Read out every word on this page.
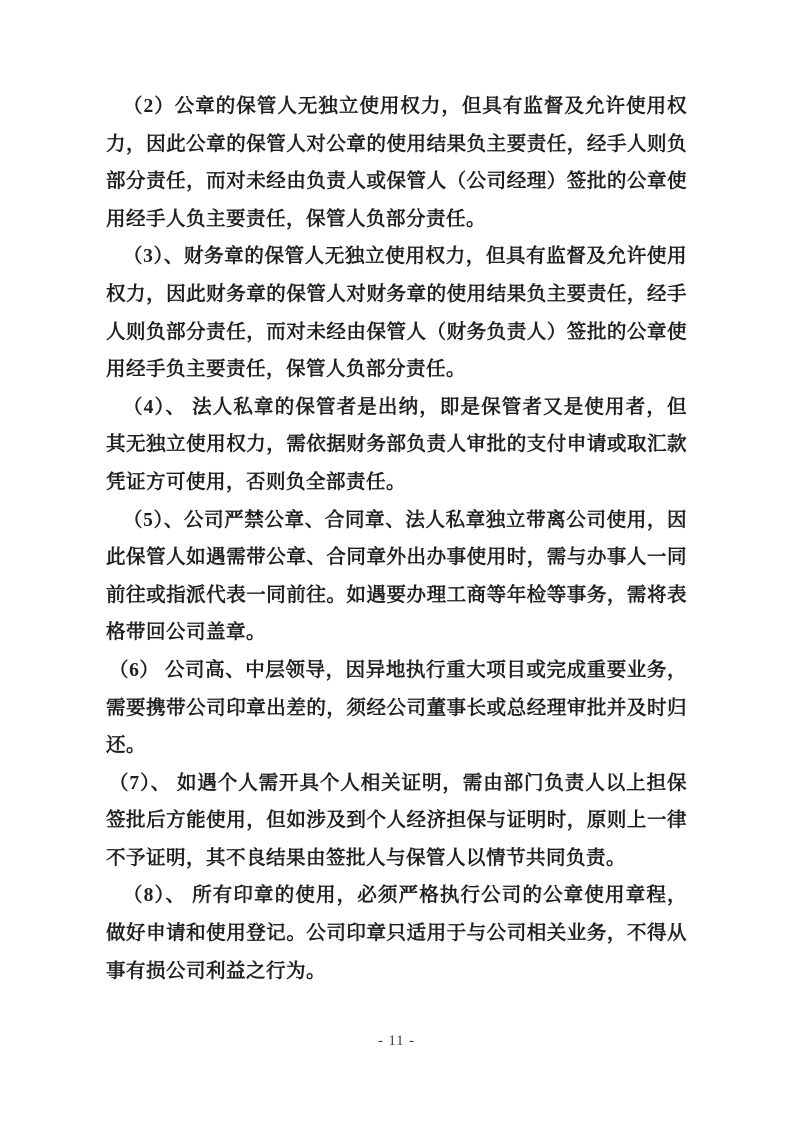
（2）公章的保管人无独立使用权力，但具有监督及允许使用权力，因此公章的保管人对公章的使用结果负主要责任，经手人则负部分责任，而对未经由负责人或保管人（公司经理）签批的公章使用经手人负主要责任，保管人负部分责任。

（3）、财务章的保管人无独立使用权力，但具有监督及允许使用权力，因此财务章的保管人对财务章的使用结果负主要责任，经手人则负部分责任，而对未经由保管人（财务负责人）签批的公章使用经手负主要责任，保管人负部分责任。

（4）、 法人私章的保管者是出纳，即是保管者又是使用者，但其无独立使用权力，需依据财务部负责人审批的支付申请或取汇款凭证方可使用，否则负全部责任。

（5）、公司严禁公章、合同章、法人私章独立带离公司使用，因此保管人如遇需带公章、合同章外出办事使用时，需与办事人一同前往或指派代表一同前往。如遇要办理工商等年检等事务，需将表格带回公司盖章。

（6） 公司高、中层领导，因异地执行重大项目或完成重要业务，需要携带公司印章出差的，须经公司董事长或总经理审批并及时归还。

（7）、 如遇个人需开具个人相关证明，需由部门负责人以上担保签批后方能使用，但如涉及到个人经济担保与证明时，原则上一律不予证明，其不良结果由签批人与保管人以情节共同负责。

（8）、 所有印章的使用，必须严格执行公司的公章使用章程，做好申请和使用登记。公司印章只适用于与公司相关业务，不得从事有损公司利益之行为。

- 11 -
